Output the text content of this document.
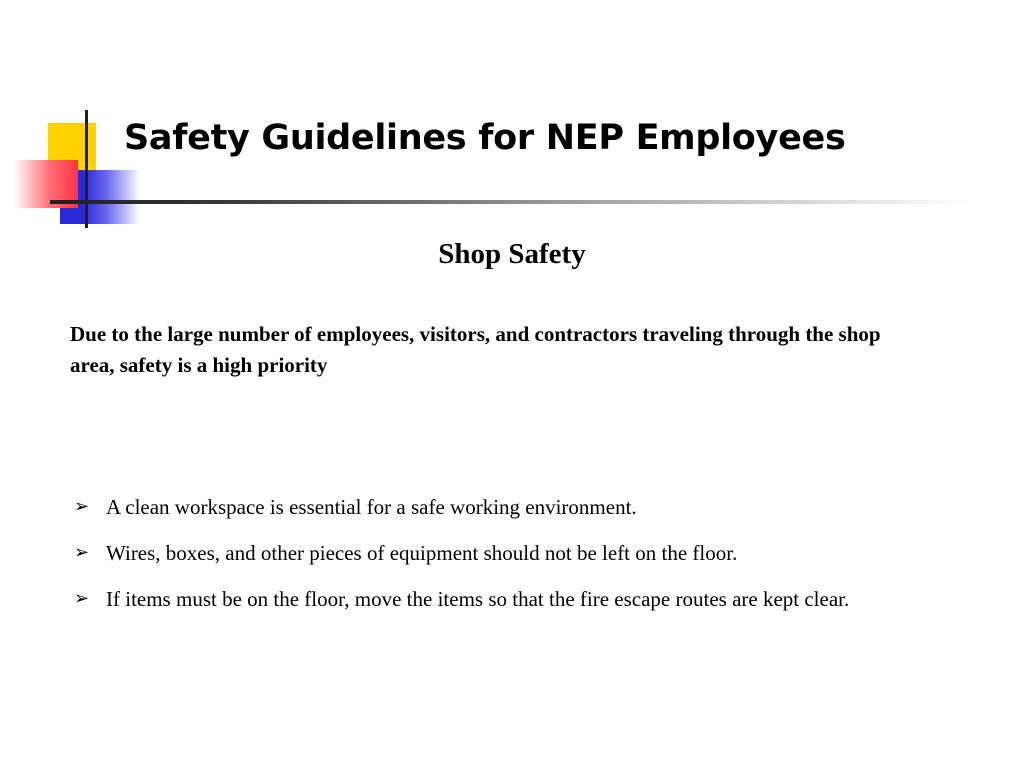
Safety Guidelines for NEP Employees
Shop Safety

Due to the large number of employees, visitors, and contractors traveling through the shop area, safety is a high priority

➢ A clean workspace is essential for a safe working environment.
➢ Wires, boxes, and other pieces of equipment should not be left on the floor.
➢ If items must be on the floor, move the items so that the fire escape routes are kept clear.
